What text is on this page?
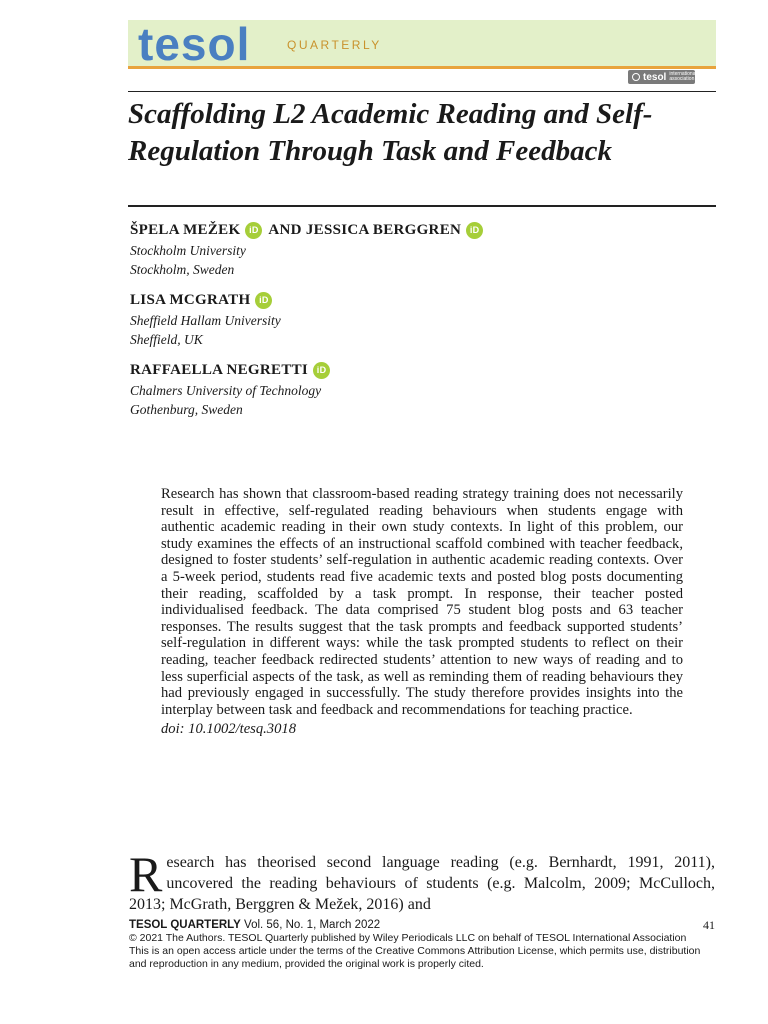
tesol	QUARTERLY
tesol international association
Scaffolding L2 Academic Reading and Self-Regulation Through Task and Feedback
ŠPELA MEŽEK iD AND JESSICA BERGGREN iD
Stockholm University
Stockholm, Sweden
LISA MCGRATH iD
Sheffield Hallam University
Sheffield, UK
RAFFAELLA NEGRETTI iD
Chalmers University of Technology
Gothenburg, Sweden

Research has shown that classroom-based reading strategy training does not necessarily result in effective, self-regulated reading behaviours when students engage with authentic academic reading in their own study contexts. In light of this problem, our study examines the effects of an instructional scaffold combined with teacher feedback, designed to foster students’ self-regulation in authentic academic reading contexts. Over a 5-week period, students read five academic texts and posted blog posts documenting their reading, scaffolded by a task prompt. In response, their teacher posted individualised feedback. The data comprised 75 student blog posts and 63 teacher responses. The results suggest that the task prompts and feedback supported students’ self-regulation in different ways: while the task prompted students to reflect on their reading, teacher feedback redirected students’ attention to new ways of reading and to less superficial aspects of the task, as well as reminding them of reading behaviours they had previously engaged in successfully. The study therefore provides insights into the interplay between task and feedback and recommendations for teaching practice.

doi: 10.1002/tesq.3018
Research has theorised second language reading (e.g. Bernhardt, 1991, 2011), uncovered the reading behaviours of students (e.g. Malcolm, 2009; McCulloch, 2013; McGrath, Berggren & Mežek, 2016) and
TESOL QUARTERLY Vol. 56, No. 1, March 2022	41
© 2021 The Authors. TESOL Quarterly published by Wiley Periodicals LLC on behalf of TESOL International Association
This is an open access article under the terms of the Creative Commons Attribution License, which permits use, distribution
and reproduction in any medium, provided the original work is properly cited.
